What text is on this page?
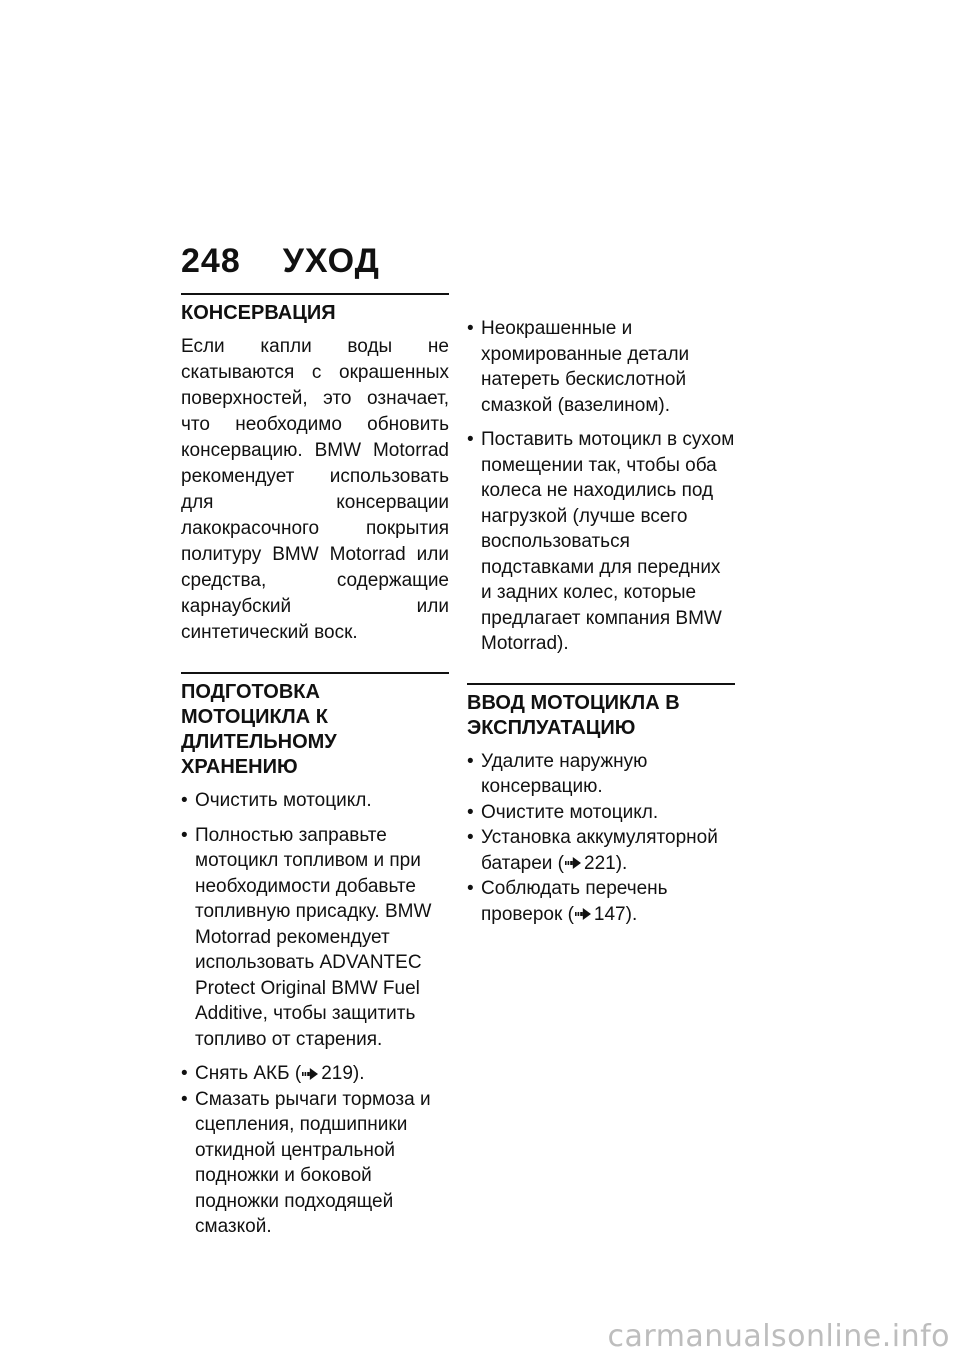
248 УХОД
КОНСЕРВАЦИЯ

Если капли воды не скатываются с окрашенных поверхностей, это означает, что необходимо обновить консервацию. BMW Motorrad рекомендует использовать для консервации лакокрасочного покрытия политуру BMW Motorrad или средства, содержащие карнаубский или синтетический воск.

ПОДГОТОВКА МОТОЦИКЛА К ДЛИТЕЛЬНОМУ ХРАНЕНИЮ
• Очистить мотоцикл.
• Полностью заправьте мотоцикл топливом и при необходимости добавьте топливную присадку. BMW Motorrad рекомендует использовать ADVANTEC Protect Original BMW Fuel Additive, чтобы защитить топливо от старения.
• Снять АКБ ( 219).
• Смазать рычаги тормоза и сцепления, подшипники откидной центральной подножки и боковой подножки подходящей смазкой.
• Неокрашенные и хромированные детали натереть бескислотной смазкой (вазелином).
• Поставить мотоцикл в сухом помещении так, чтобы оба колеса не находились под нагрузкой (лучше всего воспользоваться подставками для передних и задних колес, которые предлагает компания BMW Motorrad).
ВВОД МОТОЦИКЛА В ЭКСПЛУАТАЦИЮ
• Удалите наружную консервацию.
• Очистите мотоцикл.
• Установка аккумуляторной батареи ( 221).
• Соблюдать перечень проверок ( 147).
carmanualsonline.info
